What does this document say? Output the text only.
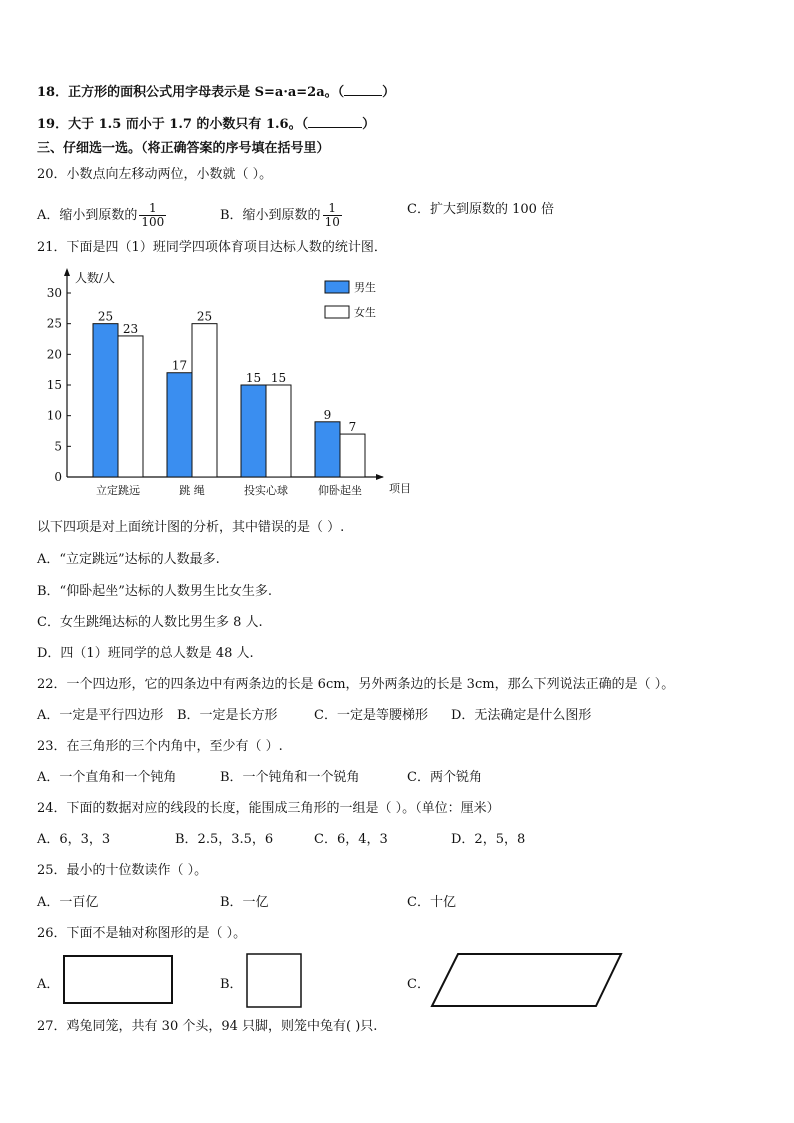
18．正方形的面积公式用字母表示是 S=a·a=2a。（	）
19．大于 1.5 而小于 1.7 的小数只有 1.6。（	）
三、仔细选一选。（将正确答案的序号填在括号里）
20．小数点向左移动两位，小数就（ ）。
A．缩小到原数的 $\frac{1}{100}$	B．缩小到原数的 $\frac{1}{10}$	C．扩大到原数的 100 倍
21．下面是四（1）班同学四项体育项目达标人数的统计图．
0
5
10
15
20
25
30
人数/人
项目
25
23
立定跳远
17
25
跳 绳
15 15
投实心球
9
7
仰卧起坐
男生
女生
以下四项是对上面统计图的分析，其中错误的是（ ）.
A．“立定跳远”达标的人数最多.
B．“仰卧起坐”达标的人数男生比女生多.
C．女生跳绳达标的人数比男生多 8 人.
D．四（1）班同学的总人数是 48 人.
22．一个四边形，它的四条边中有两条边的长是 6cm，另外两条边的长是 3cm，那么下列说法正确的是（ ）。
A．一定是平行四边形 B．一定是长方形	C．一定是等腰梯形 D．无法确定是什么图形
23．在三角形的三个内角中，至少有（ ）.
A．一个直角和一个钝角	B．一个钝角和一个锐角	C．两个锐角
24．下面的数据对应的线段的长度，能围成三角形的一组是（ ）。（单位：厘米）
A．6，3，3	B．2.5，3.5，6	C．6，4，3	D．2，5，8
25．最小的十位数读作（ ）。
A．一百亿	B．一亿	C．十亿
26．下面不是轴对称图形的是（ ）。
A．	B．	C．
27．鸡兔同笼，共有 30 个头，94 只脚，则笼中兔有( )只.
